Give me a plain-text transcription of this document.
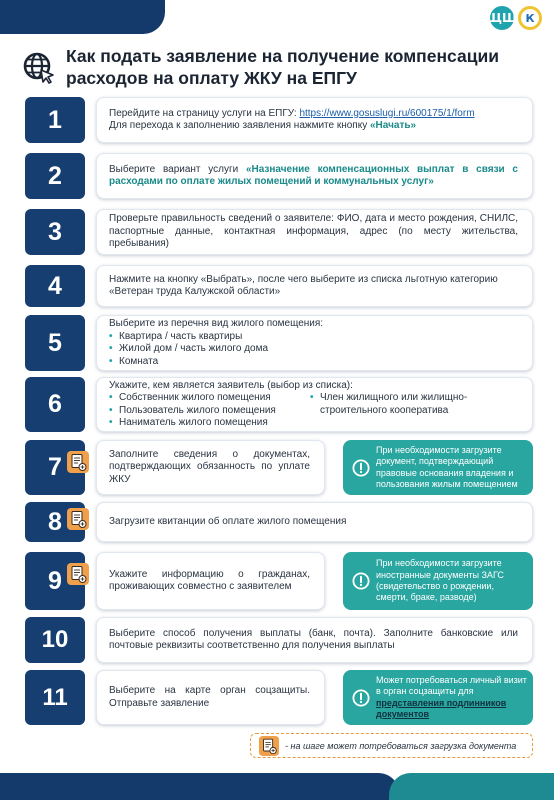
ЩЩ К
Как подать заявление на получение компенсации расходов на оплату ЖКУ на ЕПГУ
1	Перейдите на страницу услуги на ЕПГУ: https://www.gosuslugi.ru/600175/1/form
Для перехода к заполнению заявления нажмите кнопку «Начать»
2	Выберите вариант услуги «Назначение компенсационных выплат в связи с расходами по оплате жилых помещений и коммунальных услуг»
3	Проверьте правильность сведений о заявителе: ФИО, дата и место рождения, СНИЛС, паспортные данные, контактная информация, адрес (по месту жительства, пребывания)
4	Нажмите на кнопку «Выбрать», после чего выберите из списка льготную категорию «Ветеран труда Калужской области»
5
Выберите из перечня вид жилого помещения:
• Квартира / часть квартиры
• Жилой дом / часть жилого дома
• Комната
6
Укажите, кем является заявитель (выбор из списка):
• Собственник жилого помещения
• Пользователь жилого помещения
• Наниматель жилого помещения
• Член жилищного или жилищно-строительного кооператива
7	Заполните сведения о документах, подтверждающих обязанность по уплате ЖКУ
При необходимости загрузите документ, подтверждающий правовые основания владения и пользования жилым помещением
8	Загрузите квитанции об оплате жилого помещения
9	Укажите информацию о гражданах, проживающих совместно с заявителем
При необходимости загрузите иностранные документы ЗАГС (свидетельство о рождении, смерти, браке, разводе)
10	Выберите способ получения выплаты (банк, почта). Заполните банковские или почтовые реквизиты соответственно для получения выплаты
11	Выберите на карте орган соцзащиты. Отправьте заявление
Может потребоваться личный визит в орган соцзащиты для представления подлинников документов
- на шаге может потребоваться загрузка документа
